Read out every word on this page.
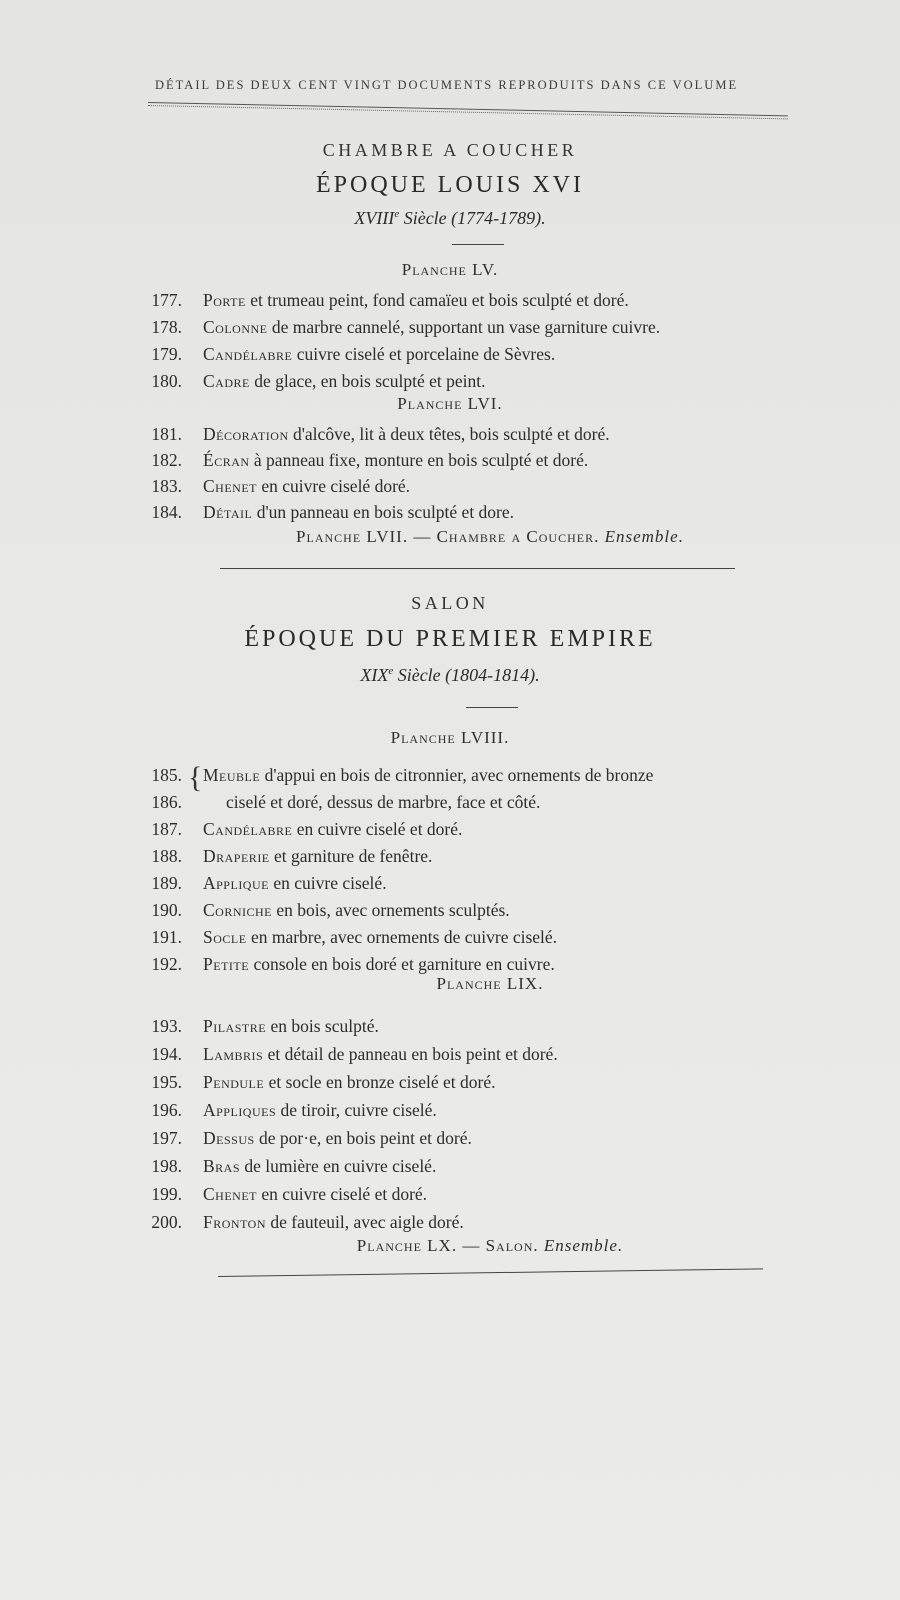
DÉTAIL DES DEUX CENT VINGT DOCUMENTS REPRODUITS DANS CE VOLUME
CHAMBRE A COUCHER
ÉPOQUE LOUIS XVI
XVIIIe Siècle (1774-1789).
Planche LV.
177. Porte et trumeau peint, fond camaïeu et bois sculpté et doré.
178. Colonne de marbre cannelé, supportant un vase garniture cuivre.
179. Candélabre cuivre ciselé et porcelaine de Sèvres.
180. Cadre de glace, en bois sculpté et peint.
Planche LVI.
181. Décoration d'alcôve, lit à deux têtes, bois sculpté et doré.
182. Écran à panneau fixe, monture en bois sculpté et doré.
183. Chenet en cuivre ciselé doré.
184. Détail d'un panneau en bois sculpté et dore.
Planche LVII. — Chambre a Coucher. Ensemble.
SALON
ÉPOQUE DU PREMIER EMPIRE
XIXe Siècle (1804-1814).
Planche LVIII.
185. Meuble d'appui en bois de citronnier, avec ornements de bronze
{
186.	ciselé et doré, dessus de marbre, face et côté.
187. Candélabre en cuivre ciselé et doré.
188. Draperie et garniture de fenêtre.
189. Applique en cuivre ciselé.
190. Corniche en bois, avec ornements sculptés.
191. Socle en marbre, avec ornements de cuivre ciselé.
192. Petite console en bois doré et garniture en cuivre.
Planche LIX.
193. Pilastre en bois sculpté.
194. Lambris et détail de panneau en bois peint et doré.
195. Pendule et socle en bronze ciselé et doré.
196. Appliques de tiroir, cuivre ciselé.
197. Dessus de por·e, en bois peint et doré.
198. Bras de lumière en cuivre ciselé.
199. Chenet en cuivre ciselé et doré.
200. Fronton de fauteuil, avec aigle doré.
Planche LX. — Salon. Ensemble.
